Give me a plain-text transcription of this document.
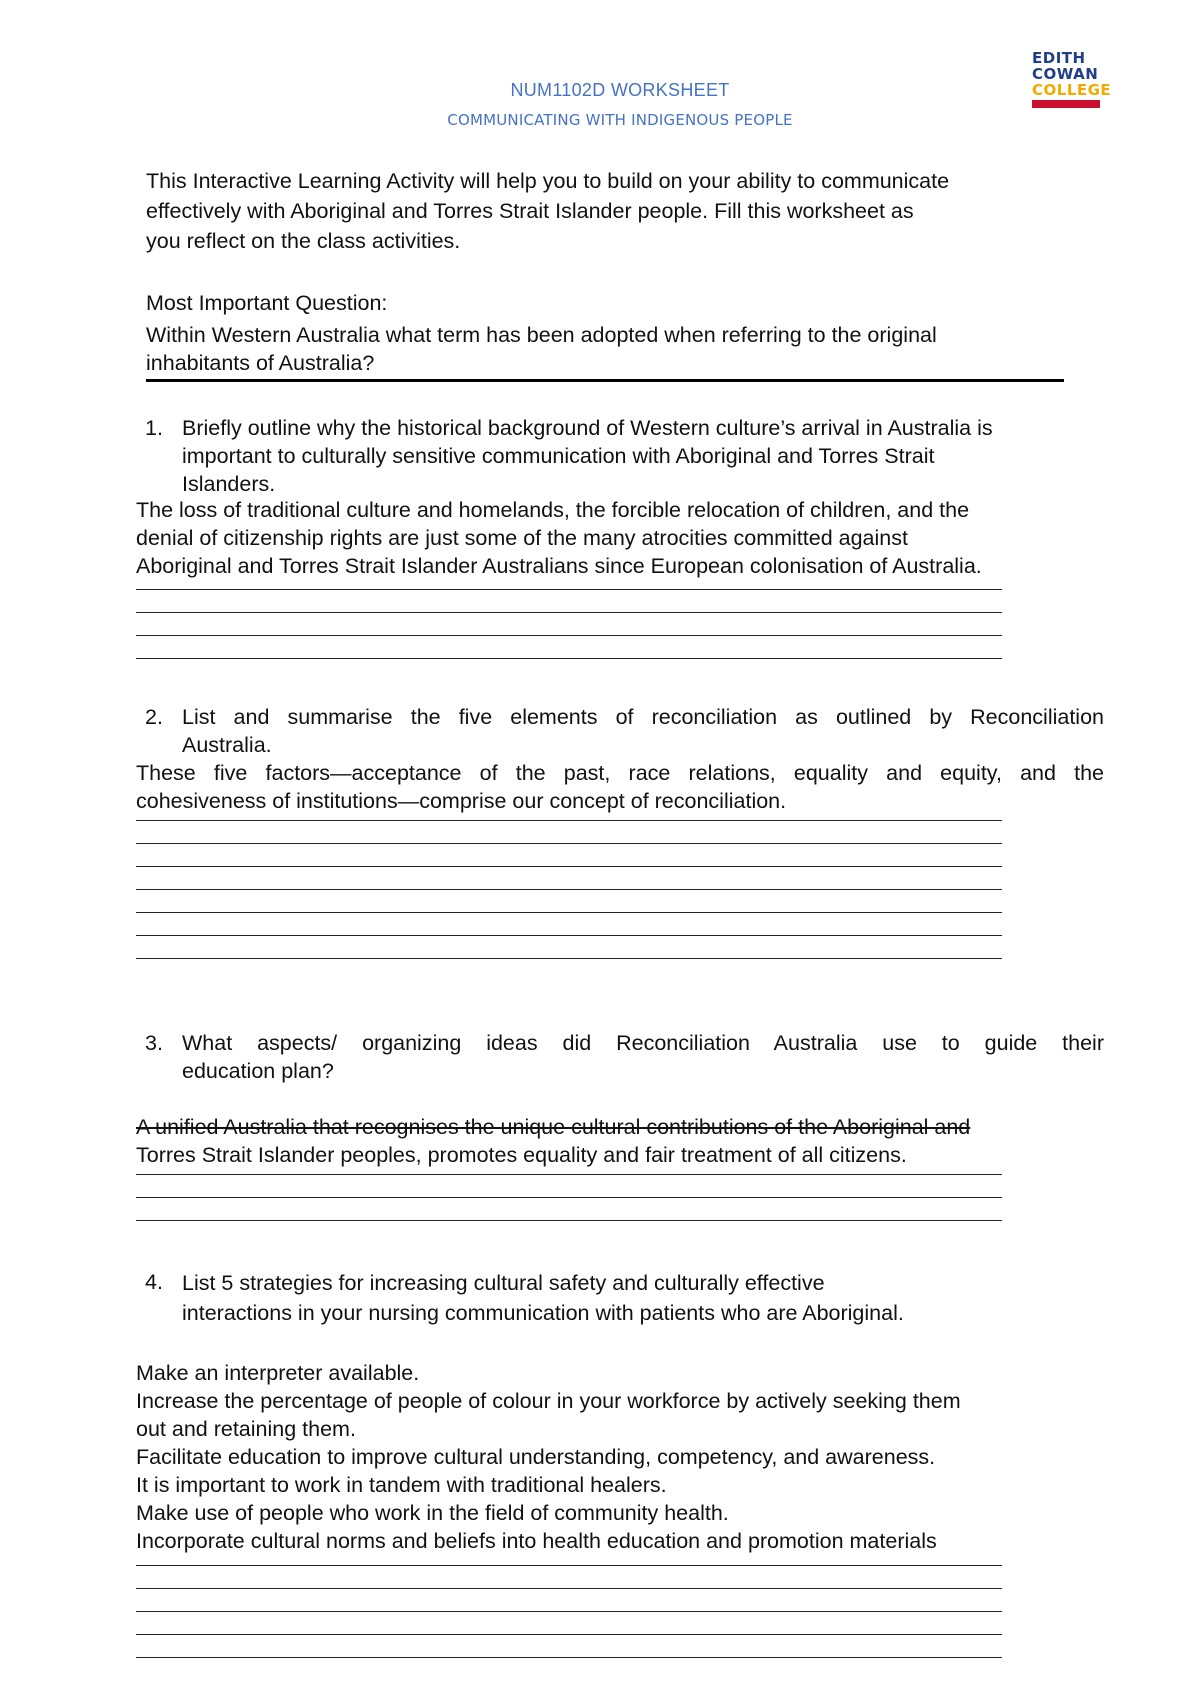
NUM1102D WORKSHEET
COMMUNICATING WITH INDIGENOUS PEOPLE
EDITH
COWAN
COLLEGE
This Interactive Learning Activity will help you to build on your ability to communicate
effectively with Aboriginal and Torres Strait Islander people. Fill this worksheet as
you reflect on the class activities.
Most Important Question:
Within Western Australia what term has been adopted when referring to the original
inhabitants of Australia?
1. Briefly outline why the historical background of Western culture’s arrival in Australia is
important to culturally sensitive communication with Aboriginal and Torres Strait
Islanders.
The loss of traditional culture and homelands, the forcible relocation of children, and the
denial of citizenship rights are just some of the many atrocities committed against
Aboriginal and Torres Strait Islander Australians since European colonisation of Australia.
2. List and summarise the five elements of reconciliation as outlined by Reconciliation
Australia.
These five factors—acceptance of the past, race relations, equality and equity, and the
cohesiveness of institutions—comprise our concept of reconciliation.
3. What aspects/ organizing ideas did Reconciliation Australia use to guide their
education plan?
A unified Australia that recognises the unique cultural contributions of the Aboriginal and
Torres Strait Islander peoples, promotes equality and fair treatment of all citizens.
4. List 5 strategies for increasing cultural safety and culturally effective
interactions in your nursing communication with patients who are Aboriginal.
Make an interpreter available.
Increase the percentage of people of colour in your workforce by actively seeking them
out and retaining them.
Facilitate education to improve cultural understanding, competency, and awareness.
It is important to work in tandem with traditional healers.
Make use of people who work in the field of community health.
Incorporate cultural norms and beliefs into health education and promotion materials
